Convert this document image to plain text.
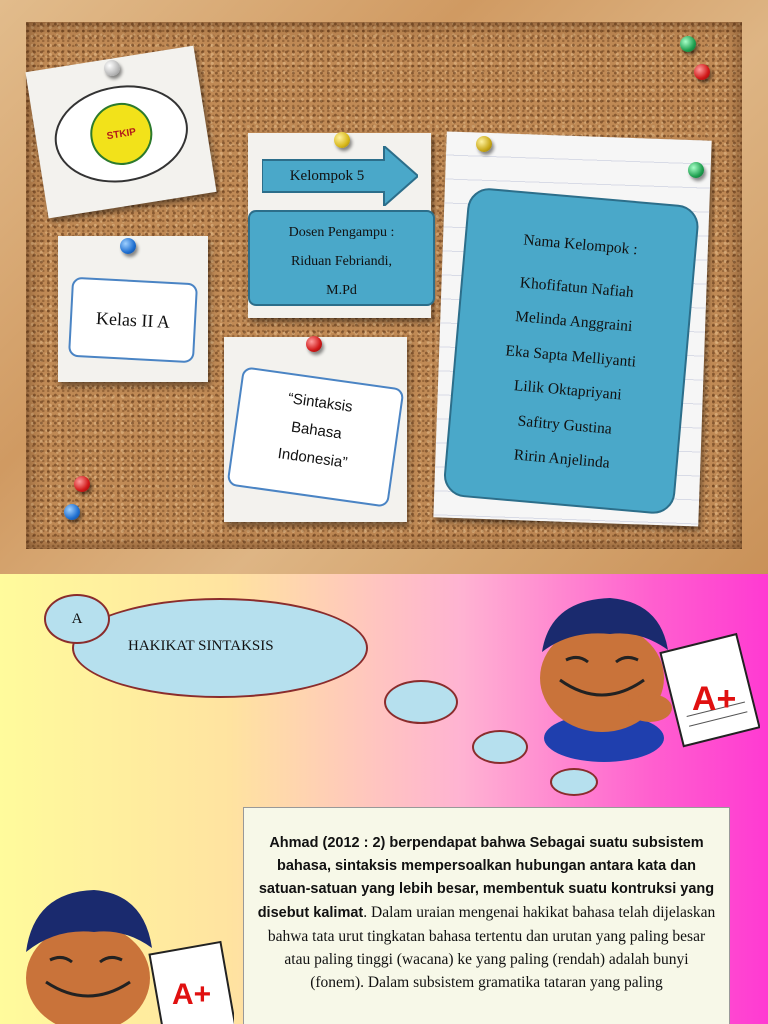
STKIP
Kelas II A
Kelompok 5
Dosen Pengampu :
Riduan Febriandi,
M.Pd
“Sintaksis
Bahasa
Indonesia”
Nama Kelompok :
Khofifatun Nafiah
Melinda Anggraini
Eka Sapta Melliyanti
Lilik Oktapriyani
Safitry Gustina
Ririn Anjelinda
HAKIKAT SINTAKSIS
A
A+
A+
Ahmad (2012 : 2) berpendapat bahwa Sebagai suatu subsistem bahasa, sintaksis mempersoalkan hubungan antara kata dan satuan-satuan yang lebih besar, membentuk suatu kontruksi yang disebut kalimat. Dalam uraian mengenai hakikat bahasa telah dijelaskan bahwa tata urut tingkatan bahasa tertentu dan urutan yang paling besar atau paling tinggi (wacana) ke yang paling (rendah) adalah bunyi (fonem). Dalam subsistem gramatika tataran yang paling
